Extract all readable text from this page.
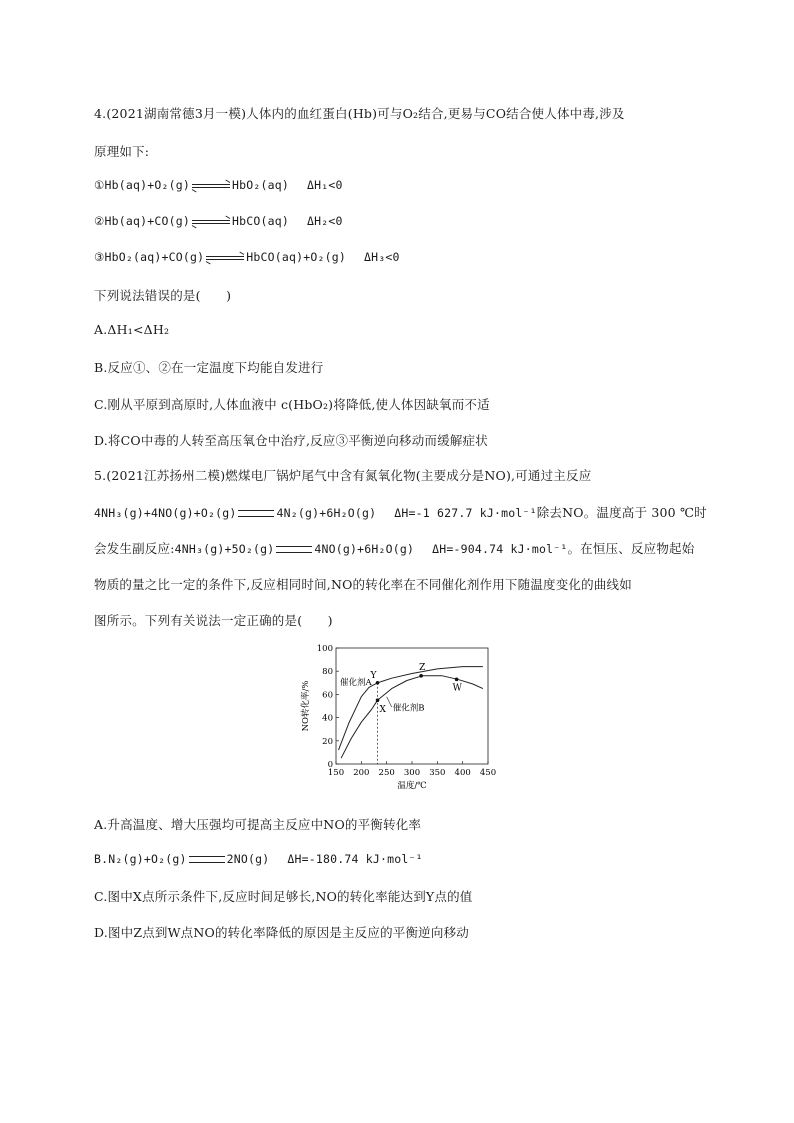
4.(2021湖南常德3月一模)人体内的血红蛋白(Hb)可与O₂结合,更易与CO结合使人体中毒,涉及
原理如下:
①Hb(aq)+O₂(g)	HbO₂(aq) ΔH₁<0
②Hb(aq)+CO(g)	HbCO(aq) ΔH₂<0
③HbO₂(aq)+CO(g)	HbCO(aq)+O₂(g) ΔH₃<0
下列说法错误的是(　　)
A.ΔH₁<ΔH₂
B.反应①、②在一定温度下均能自发进行
C.刚从平原到高原时,人体血液中 c(HbO₂)将降低,使人体因缺氧而不适
D.将CO中毒的人转至高压氧仓中治疗,反应③平衡逆向移动而缓解症状
5.(2021江苏扬州二模)燃煤电厂锅炉尾气中含有氮氧化物(主要成分是NO),可通过主反应
4NH₃(g)+4NO(g)+O₂(g)	4N₂(g)+6H₂O(g) ΔH=-1 627.7 kJ·mol⁻¹除去NO。温度高于 300 ℃时
会发生副反应:4NH₃(g)+5O₂(g)	4NO(g)+6H₂O(g) ΔH=-904.74 kJ·mol⁻¹。在恒压、反应物起始
物质的量之比一定的条件下,反应相同时间,NO的转化率在不同催化剂作用下随温度变化的曲线如
图所示。下列有关说法一定正确的是(　　)
0
20
40
60
80
100
150 200 250 300 350 400 450
温度/℃
NO转化率/%	催化剂A
催化剂B
Y
X
Z
W
A.升高温度、增大压强均可提高主反应中NO的平衡转化率
B.N₂(g)+O₂(g)	2NO(g) ΔH=-180.74 kJ·mol⁻¹
C.图中X点所示条件下,反应时间足够长,NO的转化率能达到Y点的值
D.图中Z点到W点NO的转化率降低的原因是主反应的平衡逆向移动
